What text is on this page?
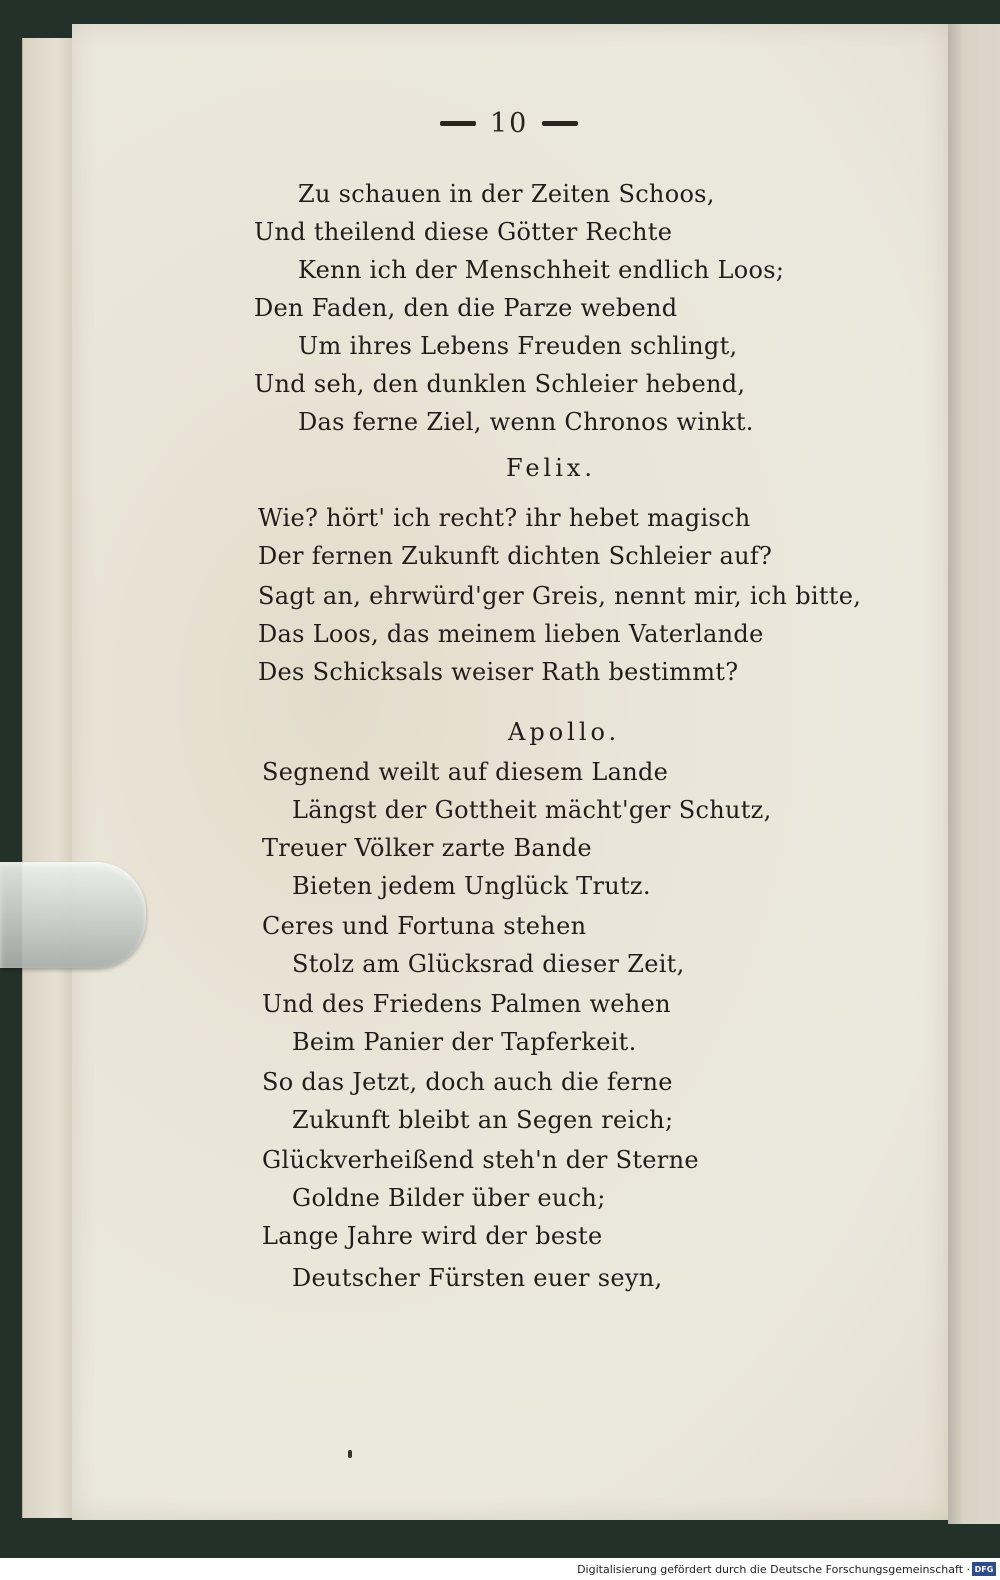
10
Zu schauen in der Zeiten Schoos,
Und theilend diese Götter Rechte
Kenn ich der Menschheit endlich Loos;
Den Faden, den die Parze webend
Um ihres Lebens Freuden schlingt,
Und seh, den dunklen Schleier hebend,
Das ferne Ziel, wenn Chronos winkt.
Felix.
Wie? hört' ich recht? ihr hebet magisch
Der fernen Zukunft dichten Schleier auf?
Sagt an, ehrwürd'ger Greis, nennt mir, ich bitte,
Das Loos, das meinem lieben Vaterlande
Des Schicksals weiser Rath bestimmt?
Apollo.
Segnend weilt auf diesem Lande
Längst der Gottheit mächt'ger Schutz,
Treuer Völker zarte Bande
Bieten jedem Unglück Trutz.
Ceres und Fortuna stehen
Stolz am Glücksrad dieser Zeit,
Und des Friedens Palmen wehen
Beim Panier der Tapferkeit.
So das Jetzt, doch auch die ferne
Zukunft bleibt an Segen reich;
Glückverheißend steh'n der Sterne
Goldne Bilder über euch;
Lange Jahre wird der beste
Deutscher Fürsten euer seyn,
Digitalisierung gefördert durch die Deutsche Forschungsgemeinschaft · DFG
